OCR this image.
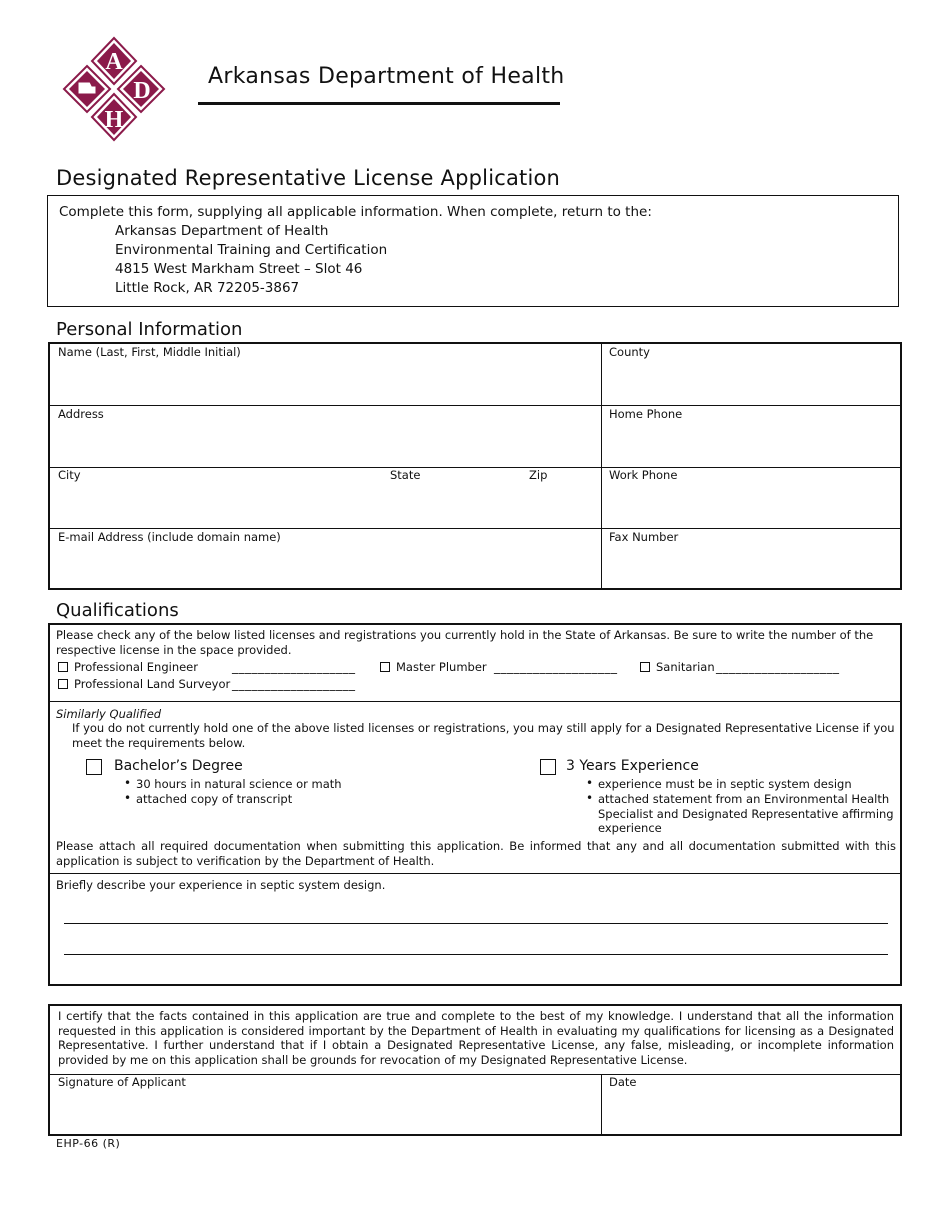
A
D
H
Arkansas Department of Health
Designated Representative License Application
Complete this form, supplying all applicable information. When complete, return to the:
Arkansas Department of Health
Environmental Training and Certification
4815 West Markham Street – Slot 46
Little Rock, AR 72205-3867
Personal Information
Name (Last, First, Middle Initial)	County
Address	Home Phone
City	State	Zip	Work Phone
E-mail Address (include domain name)	Fax Number
Qualifications
Please check any of the below listed licenses and registrations you currently hold in the State of Arkansas. Be sure to write the number of the respective license in the space provided.
Professional Engineer	___________________	Master Plumber ___________________	Sanitarian ___________________
Professional Land Surveyor ___________________
Similarly Qualified
If you do not currently hold one of the above listed licenses or registrations, you may still apply for a Designated Representative License if you meet the requirements below.
Bachelor’s Degree
• 30 hours in natural science or math
• attached copy of transcript
3 Years Experience
• experience must be in septic system design
• attached statement from an Environmental Health
Specialist and Designated Representative affirming
experience
Please attach all required documentation when submitting this application. Be informed that any and all documentation submitted with this application is subject to verification by the Department of Health.
Briefly describe your experience in septic system design.
I certify that the facts contained in this application are true and complete to the best of my knowledge. I understand that all the information requested in this application is considered important by the Department of Health in evaluating my qualifications for licensing as a Designated Representative. I further understand that if I obtain a Designated Representative License, any false, misleading, or incomplete information provided by me on this application shall be grounds for revocation of my Designated Representative License.
Signature of Applicant	Date
EHP-66 (R)
